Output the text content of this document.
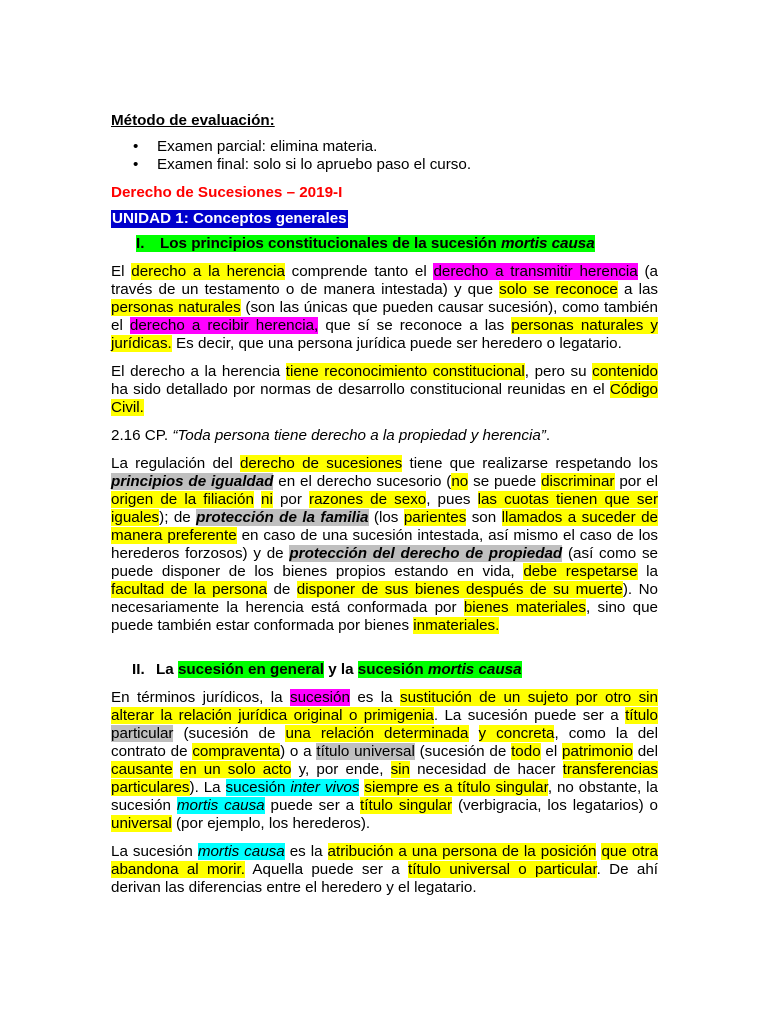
Método de evaluación:

• Examen parcial: elimina materia.
• Examen final: solo si lo apruebo paso el curso.

Derecho de Sucesiones – 2019-I

UNIDAD 1: Conceptos generales

I. Los principios constitucionales de la sucesión mortis causa

El derecho a la herencia comprende tanto el derecho a transmitir herencia (a través de un testamento o de manera intestada) y que solo se reconoce a las personas naturales (son las únicas que pueden causar sucesión), como también el derecho a recibir herencia, que sí se reconoce a las personas naturales y jurídicas. Es decir, que una persona jurídica puede ser heredero o legatario.

El derecho a la herencia tiene reconocimiento constitucional, pero su contenido ha sido detallado por normas de desarrollo constitucional reunidas en el Código Civil.

2.16 CP. “Toda persona tiene derecho a la propiedad y herencia”.

La regulación del derecho de sucesiones tiene que realizarse respetando los principios de igualdad en el derecho sucesorio (no se puede discriminar por el origen de la filiación ni por razones de sexo, pues las cuotas tienen que ser iguales); de protección de la familia (los parientes son llamados a suceder de manera preferente en caso de una sucesión intestada, así mismo el caso de los herederos forzosos) y de protección del derecho de propiedad (así como se puede disponer de los bienes propios estando en vida, debe respetarse la facultad de la persona de disponer de sus bienes después de su muerte). No necesariamente la herencia está conformada por bienes materiales, sino que puede también estar conformada por bienes inmateriales.

II. La sucesión en general y la sucesión mortis causa

En términos jurídicos, la sucesión es la sustitución de un sujeto por otro sin alterar la relación jurídica original o primigenia. La sucesión puede ser a título particular (sucesión de una relación determinada y concreta, como la del contrato de compraventa) o a título universal (sucesión de todo el patrimonio del causante en un solo acto y, por ende, sin necesidad de hacer transferencias particulares). La sucesión inter vivos siempre es a título singular, no obstante, la sucesión mortis causa puede ser a título singular (verbigracia, los legatarios) o universal (por ejemplo, los herederos).

La sucesión mortis causa es la atribución a una persona de la posición que otra abandona al morir. Aquella puede ser a título universal o particular. De ahí derivan las diferencias entre el heredero y el legatario.
